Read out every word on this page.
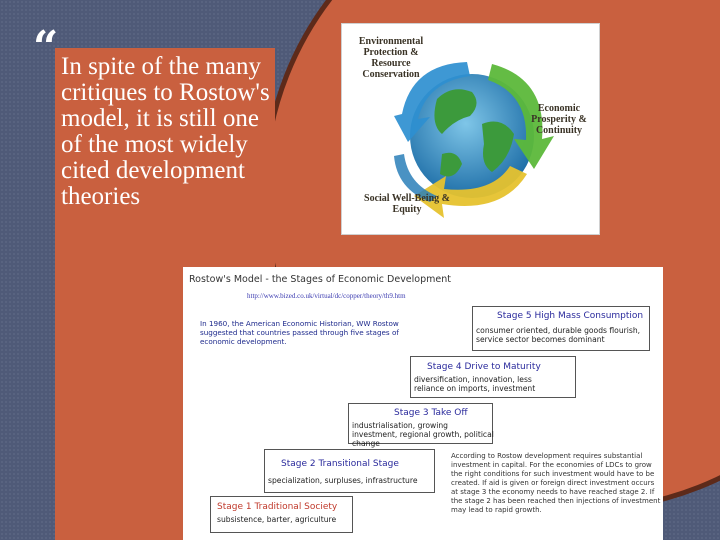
“ In spite of the many critiques to Rostow's model, it is still one of the most widely cited development theories
Environmental Protection & Resource Conservation
Economic Prosperity & Continuity
Social Well-Being & Equity
Rostow's Model - the Stages of Economic Development
http://www.bized.co.uk/virtual/dc/copper/theory/th9.htm
In 1960, the American Economic Historian, WW Rostow suggested that countries passed through five stages of economic development.
Stage 5 High Mass Consumption
consumer oriented, durable goods flourish, service sector becomes dominant
Stage 4 Drive to Maturity
diversification, innovation, less reliance on imports, investment
Stage 3 Take Off
industrialisation, growing investment, regional growth, political change
Stage 2 Transitional Stage
specialization, surpluses, infrastructure
Stage 1 Traditional Society
subsistence, barter, agriculture
According to Rostow development requires substantial investment in capital. For the economies of LDCs to grow the right conditions for such investment would have to be created. If aid is given or foreign direct investment occurs at stage 3 the economy needs to have reached stage 2. If the stage 2 has been reached then injections of investment may lead to rapid growth.
